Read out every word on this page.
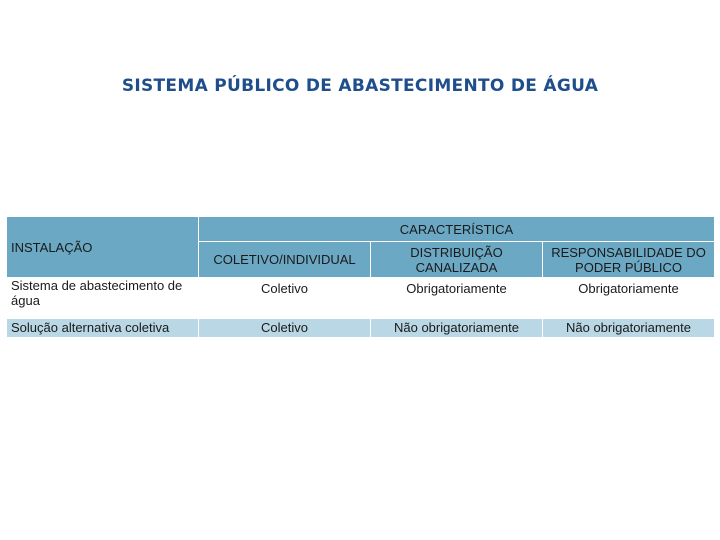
SISTEMA PÚBLICO DE ABASTECIMENTO DE ÁGUA
INSTALAÇÃO	CARACTERÍSTICA		
	COLETIVO/INDIVIDUAL	DISTRIBUIÇÃO CANALIZADA	RESPONSABILIDADE DO PODER PÚBLICO
Sistema de abastecimento de água	Coletivo	Obrigatoriamente	Obrigatoriamente
Solução alternativa coletiva	Coletivo	Não obrigatoriamente	Não obrigatoriamente
